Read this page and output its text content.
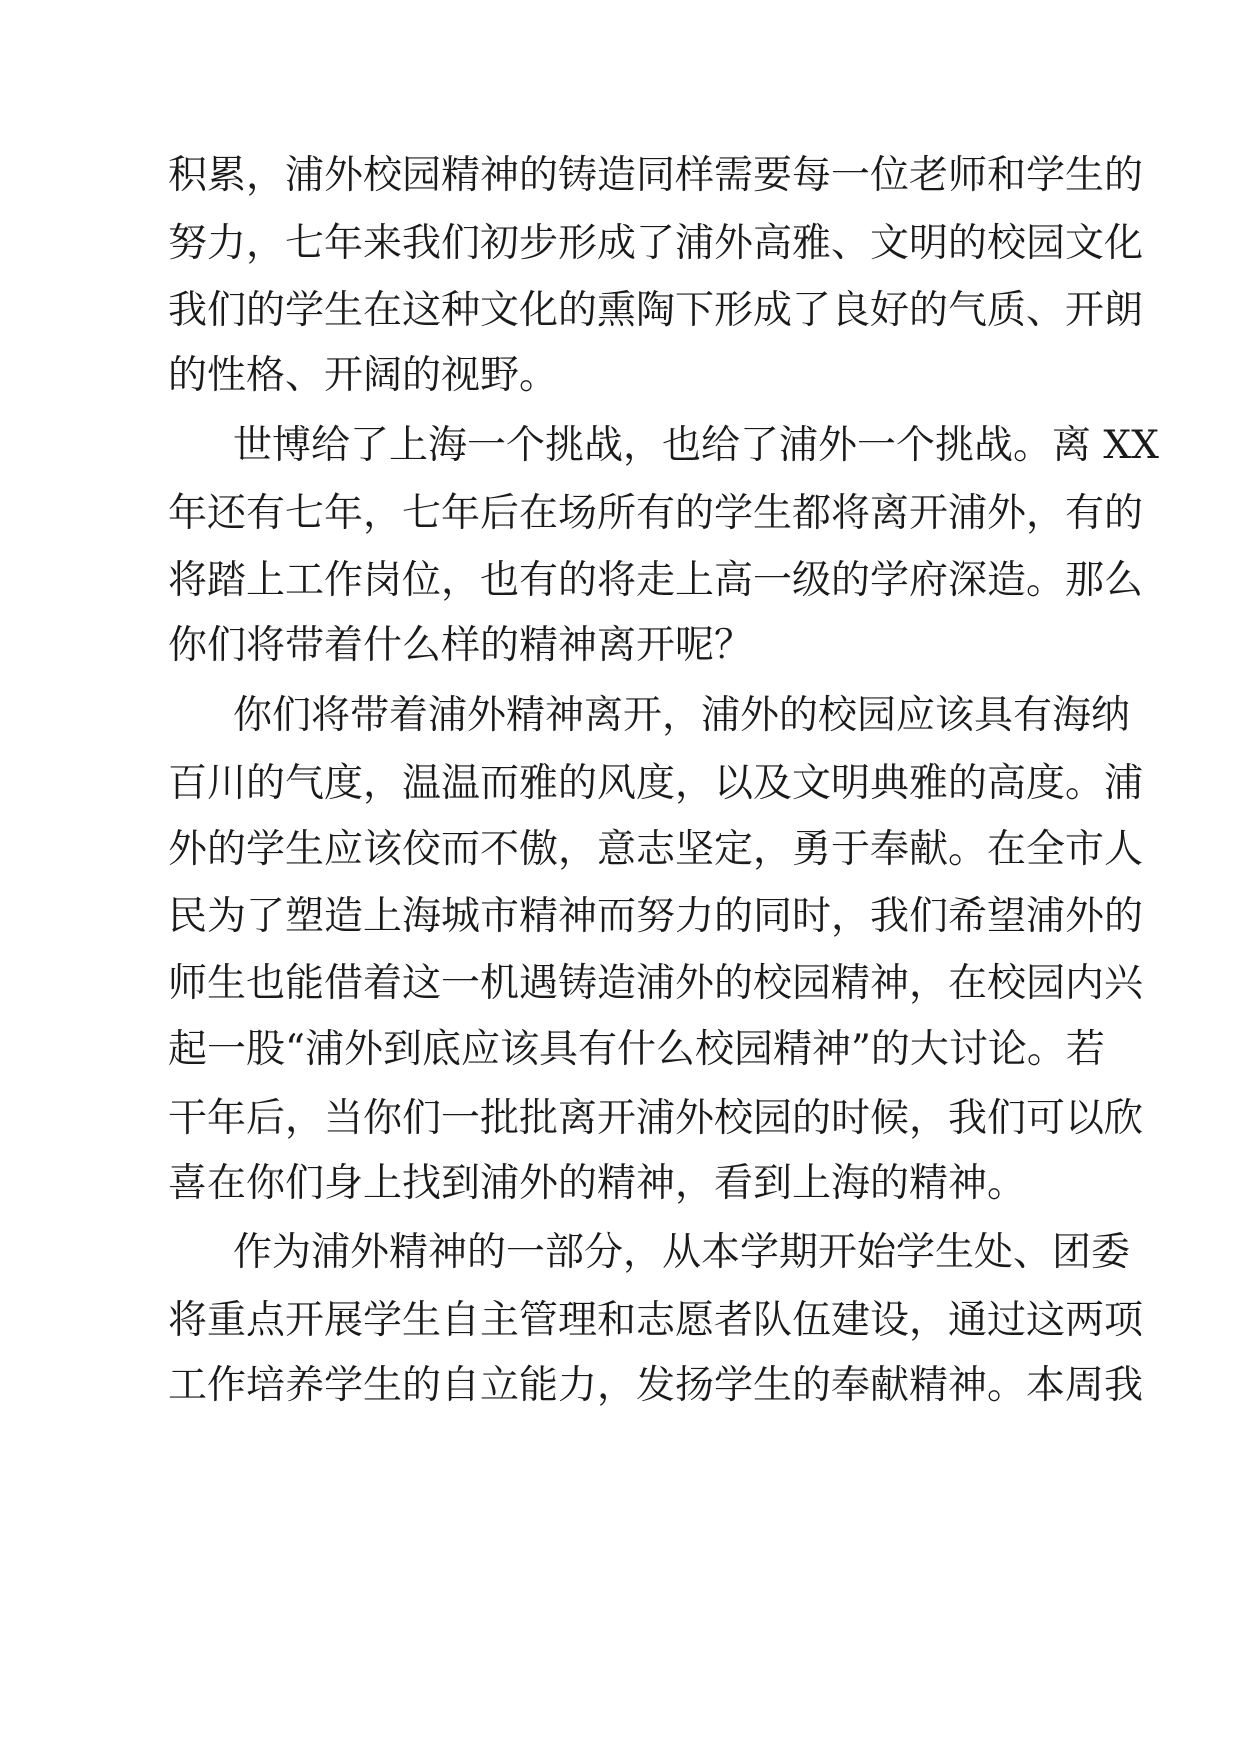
积累，浦外校园精神的铸造同样需要每一位老师和学生的
努力，七年来我们初步形成了浦外高雅、文明的校园文化
我们的学生在这种文化的熏陶下形成了良好的气质、开朗
的性格、开阔的视野。
世博给了上海一个挑战，也给了浦外一个挑战。离 XX
年还有七年，七年后在场所有的学生都将离开浦外，有的
将踏上工作岗位，也有的将走上高一级的学府深造。那么
你们将带着什么样的精神离开呢？
你们将带着浦外精神离开，浦外的校园应该具有海纳
百川的气度，温温而雅的风度，以及文明典雅的高度。浦
外的学生应该佼而不傲，意志坚定，勇于奉献。在全市人
民为了塑造上海城市精神而努力的同时，我们希望浦外的
师生也能借着这一机遇铸造浦外的校园精神，在校园内兴
起一股“浦外到底应该具有什么校园精神”的大讨论。若
干年后，当你们一批批离开浦外校园的时候，我们可以欣
喜在你们身上找到浦外的精神，看到上海的精神。
作为浦外精神的一部分，从本学期开始学生处、团委
将重点开展学生自主管理和志愿者队伍建设，通过这两项
工作培养学生的自立能力，发扬学生的奉献精神。本周我
